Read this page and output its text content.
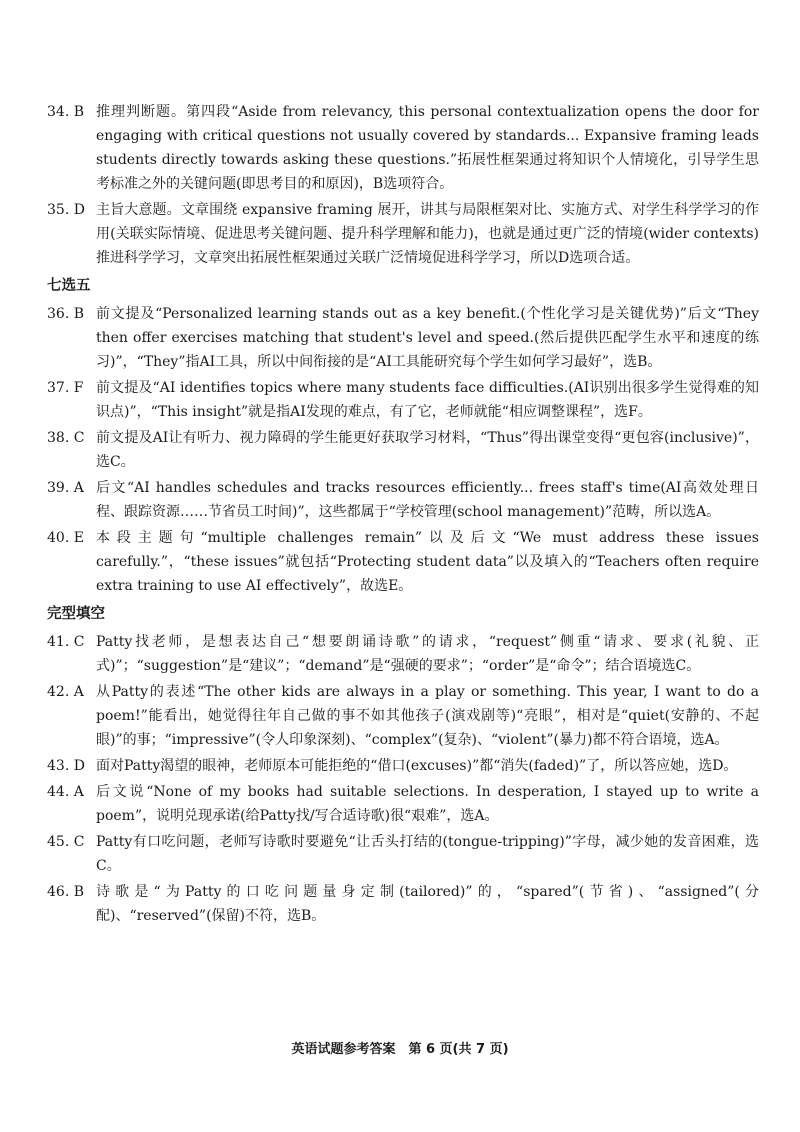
34. B 推理判断题。第四段“Aside from relevancy, this personal contextualization opens the door for engaging with critical questions not usually covered by standards... Expansive framing leads students directly towards asking these questions.”拓展性框架通过将知识个人情境化，引导学生思考标准之外的关键问题(即思考目的和原因)，B选项符合。
35. D 主旨大意题。文章围绕 expansive framing 展开，讲其与局限框架对比、实施方式、对学生科学学习的作用(关联实际情境、促进思考关键问题、提升科学理解和能力)，也就是通过更广泛的情境(wider contexts)推进科学学习，文章突出拓展性框架通过关联广泛情境促进科学学习，所以D选项合适。
七选五
36. B 前文提及“Personalized learning stands out as a key benefit.(个性化学习是关键优势)”后文“They then offer exercises matching that student's level and speed.(然后提供匹配学生水平和速度的练习)”，“They”指AI工具，所以中间衔接的是“AI工具能研究每个学生如何学习最好”，选B。
37. F 前文提及“AI identifies topics where many students face difficulties.(AI识别出很多学生觉得难的知识点)”，“This insight”就是指AI发现的难点，有了它，老师就能“相应调整课程”，选F。
38. C 前文提及AI让有听力、视力障碍的学生能更好获取学习材料，“Thus”得出课堂变得“更包容(inclusive)”，选C。
39. A 后文“AI handles schedules and tracks resources efficiently... frees staff's time(AI高效处理日程、跟踪资源……节省员工时间)”，这些都属于“学校管理(school management)”范畴，所以选A。
40. E 本段主题句“multiple challenges remain”以及后文“We must address these issues carefully.”，“these issues”就包括“Protecting student data”以及填入的“Teachers often require extra training to use AI effectively”，故选E。
完型填空
41. C Patty找老师，是想表达自己“想要朗诵诗歌”的请求，“request”侧重“请求、要求(礼貌、正式)”；“suggestion”是“建议”；“demand”是“强硬的要求”；“order”是“命令”；结合语境选C。
42. A 从Patty的表述“The other kids are always in a play or something. This year, I want to do a poem!”能看出，她觉得往年自己做的事不如其他孩子(演戏剧等)“亮眼”，相对是“quiet(安静的、不起眼)”的事；“impressive”(令人印象深刻)、“complex”(复杂)、“violent”(暴力)都不符合语境，选A。
43. D 面对Patty渴望的眼神，老师原本可能拒绝的“借口(excuses)”都“消失(faded)”了，所以答应她，选D。
44. A 后文说“None of my books had suitable selections. In desperation, I stayed up to write a poem”，说明兑现承诺(给Patty找/写合适诗歌)很“艰难”，选A。
45. C Patty有口吃问题，老师写诗歌时要避免“让舌头打结的(tongue-tripping)”字母，减少她的发音困难，选C。
46. B 诗歌是“为Patty的口吃问题量身定制(tailored)”的，“spared”(节省)、“assigned”(分配)、“reserved”(保留)不符，选B。
英语试题参考答案　第 6 页(共 7 页)
